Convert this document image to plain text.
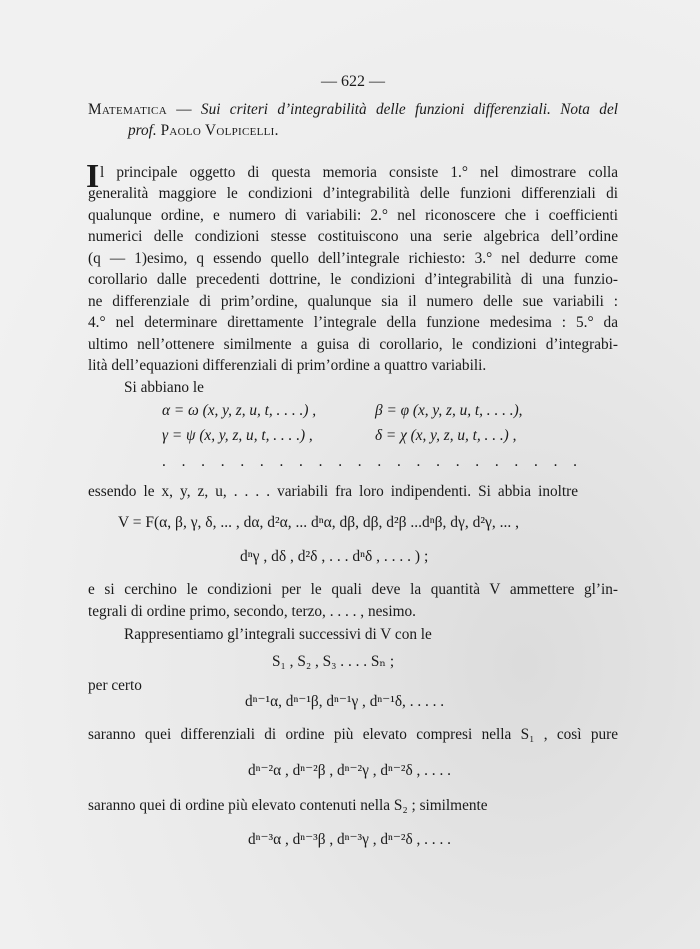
— 622 —
Matematica — Sui criteri d’integrabilità delle funzioni differenziali. Nota del
prof. Paolo Volpicelli.
I l principale oggetto di questa memoria consiste 1.° nel dimostrare colla
generalità maggiore le condizioni d’integrabilità delle funzioni differenziali di
qualunque ordine, e numero di variabili: 2.° nel riconoscere che i coefficienti
numerici delle condizioni stesse costituiscono una serie algebrica dell’ordine
(q — 1)esimo, q essendo quello dell’integrale richiesto: 3.° nel dedurre come
corollario dalle precedenti dottrine, le condizioni d’integrabilità di una funzio-
ne differenziale di prim’ordine, qualunque sia il numero delle sue variabili :
4.° nel determinare direttamente l’integrale della funzione medesima : 5.° da
ultimo nell’ottenere similmente a guisa di corollario, le condizioni d’integrabi-
lità dell’equazioni differenziali di prim’ordine a quattro variabili.
Si abbiano le
α = ω (x, y, z, u, t, . . . .) ,	β = φ (x, y, z, u, t, . . . .),
γ = ψ (x, y, z, u, t, . . . .) ,	δ = χ (x, y, z, u, t, . . .) ,
. . . . . . . . . . . . . . . . . . . . . .
essendo le x, y, z, u, . . . . variabili fra loro indipendenti. Si abbia inoltre
V = F(α, β, γ, δ, ... , dα, d²α, ... dⁿα, dβ, dβ, d²β ...dⁿβ, dγ, d²γ, ... ,
dⁿγ , dδ , d²δ , . . . dⁿδ , . . . . ) ;
e si cerchino le condizioni per le quali deve la quantità V ammettere gl’in-
tegrali di ordine primo, secondo, terzo, . . . . , nesimo.
Rappresentiamo gl’integrali successivi di V con le
S₁ , S₂ , S₃ . . . . Sₙ ;
per certo
dⁿ⁻¹α, dⁿ⁻¹β, dⁿ⁻¹γ , dⁿ⁻¹δ, . . . . .
saranno quei differenziali di ordine più elevato compresi nella S₁ , così pure
dⁿ⁻²α , dⁿ⁻²β , dⁿ⁻²γ , dⁿ⁻²δ , . . . .
saranno quei di ordine più elevato contenuti nella S₂ ; similmente
dⁿ⁻³α , dⁿ⁻³β , dⁿ⁻³γ , dⁿ⁻²δ , . . . .
